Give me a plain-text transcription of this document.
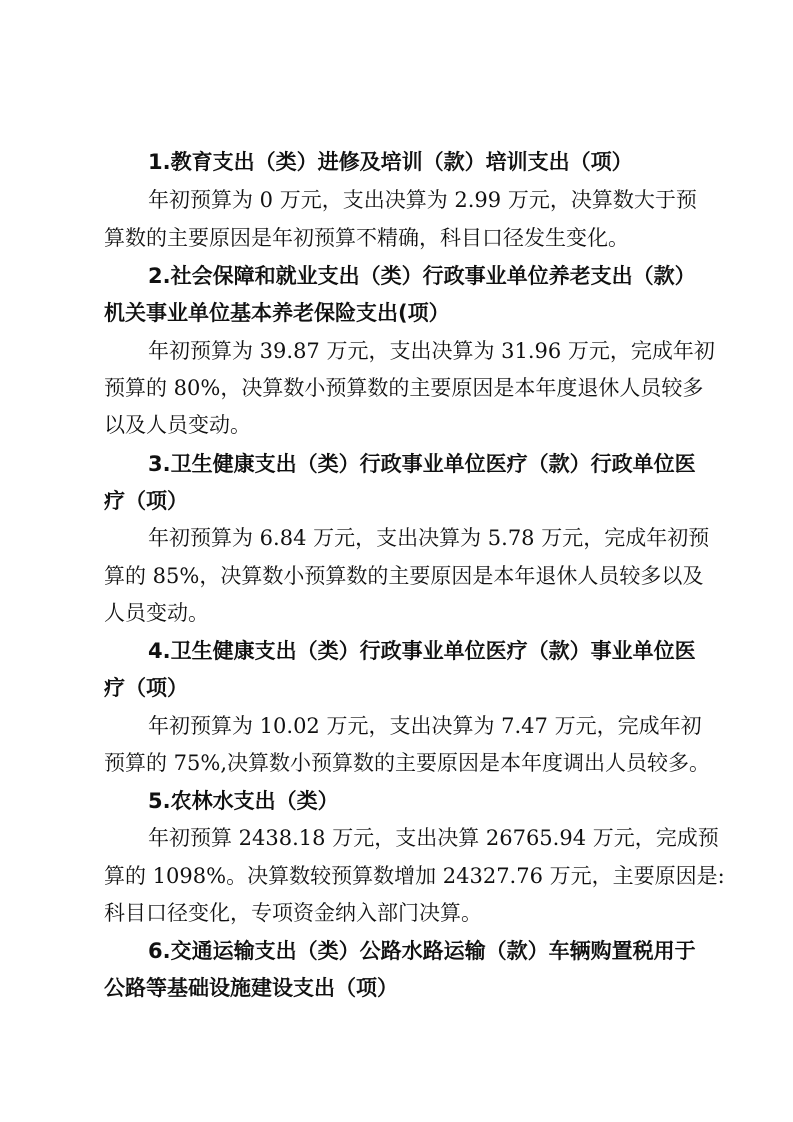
1.教育支出（类）进修及培训（款）培训支出（项）
年初预算为 0 万元，支出决算为 2.99 万元，决算数大于预
算数的主要原因是年初预算不精确，科目口径发生变化。
2.社会保障和就业支出（类）行政事业单位养老支出（款）
机关事业单位基本养老保险支出(项）
年初预算为 39.87 万元，支出决算为 31.96 万元，完成年初
预算的 80%，决算数小预算数的主要原因是本年度退休人员较多
以及人员变动。
3.卫生健康支出（类）行政事业单位医疗（款）行政单位医
疗（项）
年初预算为 6.84 万元，支出决算为 5.78 万元，完成年初预
算的 85%，决算数小预算数的主要原因是本年退休人员较多以及
人员变动。
4.卫生健康支出（类）行政事业单位医疗（款）事业单位医
疗（项）
年初预算为 10.02 万元，支出决算为 7.47 万元，完成年初
预算的 75%,决算数小预算数的主要原因是本年度调出人员较多。
5.农林水支出（类）
年初预算 2438.18 万元，支出决算 26765.94 万元，完成预
算的 1098%。决算数较预算数增加 24327.76 万元，主要原因是:
科目口径变化，专项资金纳入部门决算。
6.交通运输支出（类）公路水路运输（款）车辆购置税用于
公路等基础设施建设支出（项）
